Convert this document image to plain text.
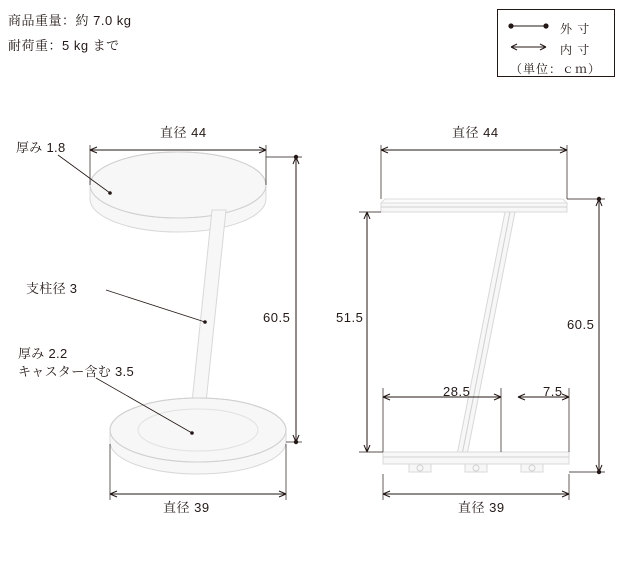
商品重量：約 7.0 kg
耐荷重：5 kg まで
外 寸
内 寸
（単位：ｃｍ）
直径 44
厚み 1.8
支柱径 3
厚み 2.2
キャスター含む 3.5
60.5
直径 39
直径 44
51.5	60.5
28.5	7.5
直径 39
